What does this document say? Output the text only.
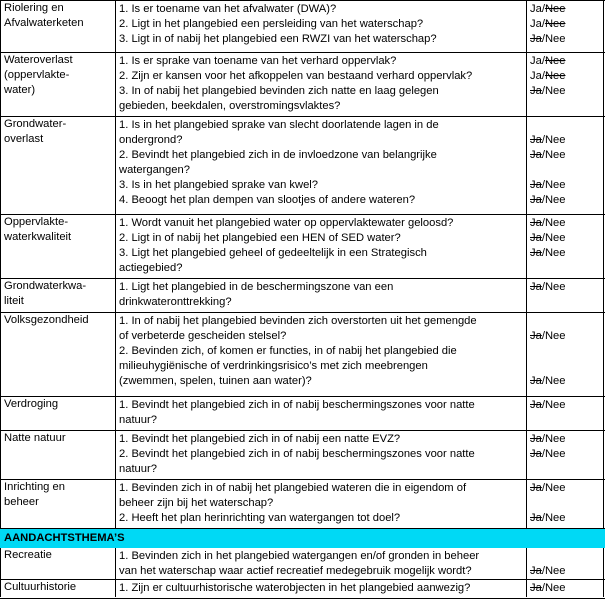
Riolering en
Afvalwaterketen
1. Is er toename van het afvalwater (DWA)?	Ja/Nee
2. Ligt in het plangebied een persleiding van het waterschap?	Ja/Nee
3. Ligt in of nabij het plangebied een RWZI van het waterschap?	Ja/Nee
Wateroverlast
(oppervlakte-
water)
1. Is er sprake van toename van het verhard oppervlak?	Ja/Nee
2. Zijn er kansen voor het afkoppelen van bestaand verhard oppervlak?	Ja/Nee
3. In of nabij het plangebied bevinden zich natte en laag gelegen	Ja/Nee
gebieden, beekdalen, overstromingsvlaktes?
Grondwater-
overlast
1. Is in het plangebied sprake van slecht doorlatende lagen in de
ondergrond?	Ja/Nee
2. Bevindt het plangebied zich in de invloedzone van belangrijke	Ja/Nee
watergangen?
3. Is in het plangebied sprake van kwel?	Ja/Nee
4. Beoogt het plan dempen van slootjes of andere wateren?	Ja/Nee
Oppervlakte-
waterkwaliteit
1. Wordt vanuit het plangebied water op oppervlaktewater geloosd?	Ja/Nee
2. Ligt in of nabij het plangebied een HEN of SED water?	Ja/Nee
3. Ligt het plangebied geheel of gedeeltelijk in een Strategisch	Ja/Nee
actiegebied?
Grondwaterkwa-
liteit
1. Ligt het plangebied in de beschermingszone van een	Ja/Nee
drinkwateronttrekking?
Volksgezondheid	1. In of nabij het plangebied bevinden zich overstorten uit het gemengde
of verbeterde gescheiden stelsel?	Ja/Nee
2. Bevinden zich, of komen er functies, in of nabij het plangebied die
milieuhygiënische of verdrinkingsrisico’s met zich meebrengen
(zwemmen, spelen, tuinen aan water)?	Ja/Nee
Verdroging	1. Bevindt het plangebied zich in of nabij beschermingszones voor natte	Ja/Nee
natuur?
Natte natuur	1. Bevindt het plangebied zich in of nabij een natte EVZ?	Ja/Nee
2. Bevindt het plangebied zich in of nabij beschermingszones voor natte	Ja/Nee
natuur?
Inrichting en
beheer
1. Bevinden zich in of nabij het plangebied wateren die in eigendom of	Ja/Nee
beheer zijn bij het waterschap?
2. Heeft het plan herinrichting van watergangen tot doel?	Ja/Nee
AANDACHTSTHEMA’S
Recreatie	1. Bevinden zich in het plangebied watergangen en/of gronden in beheer
van het waterschap waar actief recreatief medegebruik mogelijk wordt?	Ja/Nee
Cultuurhistorie	1. Zijn er cultuurhistorische waterobjecten in het plangebied aanwezig?	Ja/Nee
